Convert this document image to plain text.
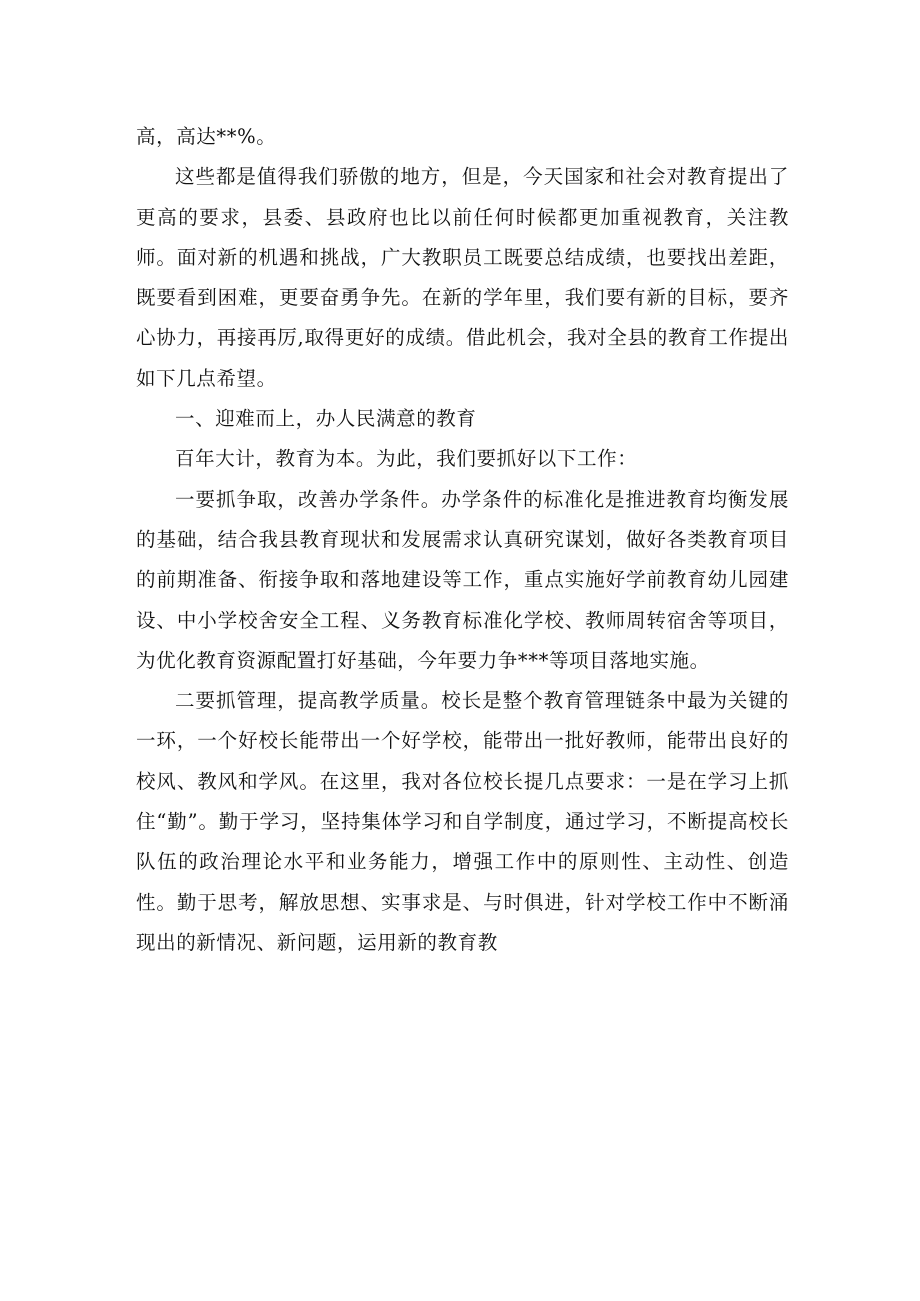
高，高达**%。

这些都是值得我们骄傲的地方，但是，今天国家和社会对教育提出了更高的要求，县委、县政府也比以前任何时候都更加重视教育，关注教师。面对新的机遇和挑战，广大教职员工既要总结成绩，也要找出差距，既要看到困难，更要奋勇争先。在新的学年里，我们要有新的目标，要齐心协力，再接再厉,取得更好的成绩。借此机会，我对全县的教育工作提出如下几点希望。

一、迎难而上，办人民满意的教育

百年大计，教育为本。为此，我们要抓好以下工作：

一要抓争取，改善办学条件。办学条件的标准化是推进教育均衡发展的基础，结合我县教育现状和发展需求认真研究谋划，做好各类教育项目的前期准备、衔接争取和落地建设等工作，重点实施好学前教育幼儿园建设、中小学校舍安全工程、义务教育标准化学校、教师周转宿舍等项目，为优化教育资源配置打好基础，今年要力争***等项目落地实施。

二要抓管理，提高教学质量。校长是整个教育管理链条中最为关键的一环，一个好校长能带出一个好学校，能带出一批好教师，能带出良好的校风、教风和学风。在这里，我对各位校长提几点要求：一是在学习上抓住“勤”。勤于学习，坚持集体学习和自学制度，通过学习，不断提高校长队伍的政治理论水平和业务能力，增强工作中的原则性、主动性、创造性。勤于思考，解放思想、实事求是、与时俱进，针对学校工作中不断涌现出的新情况、新问题，运用新的教育教
